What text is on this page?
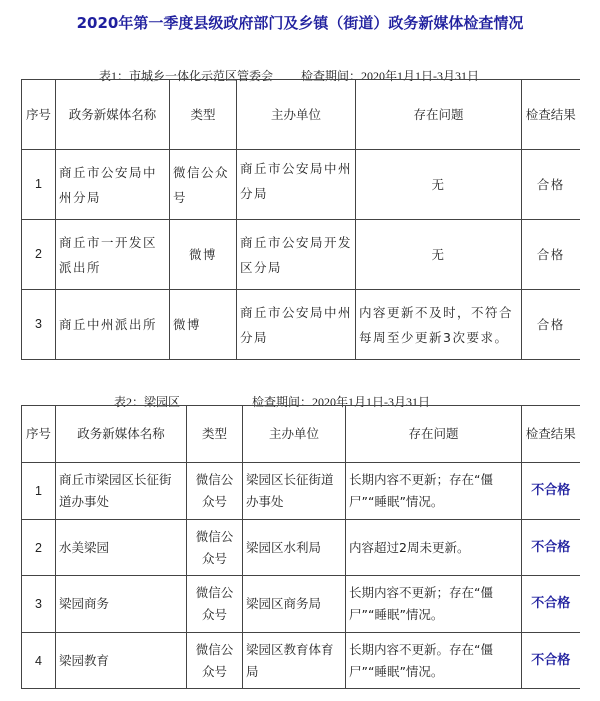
2020年第一季度县级政府部门及乡镇（街道）政务新媒体检查情况

表1：市城乡一体化示范区管委会 检查期间：2020年1月1日-3月31日

序号	政务新媒体名称	类型	主办单位	存在问题	检查结果
1	商丘市公安局中州分局	微信公众号	商丘市公安局中州分局	无	合格
2	商丘市一开发区派出所	微博	商丘市公安局开发区分局	无	合格
3	商丘中州派出所	微博	商丘市公安局中州分局	内容更新不及时，不符合每周至少更新3次要求。	合格

表2：梁园区	检查期间：2020年1月1日-3月31日

序号	政务新媒体名称	类型	主办单位	存在问题	检查结果
1	商丘市梁园区长征街道办事处	微信公众号	梁园区长征街道办事处	长期内容不更新；存在“僵尸”“睡眠”情况。	不合格
2	水美梁园	微信公众号	梁园区水利局	内容超过2周未更新。	不合格
3	梁园商务	微信公众号	梁园区商务局	长期内容不更新；存在“僵尸”“睡眠”情况。	不合格
4	梁园教育	微信公众号	梁园区教育体育局	长期内容不更新。存在“僵尸”“睡眠”情况。	不合格
